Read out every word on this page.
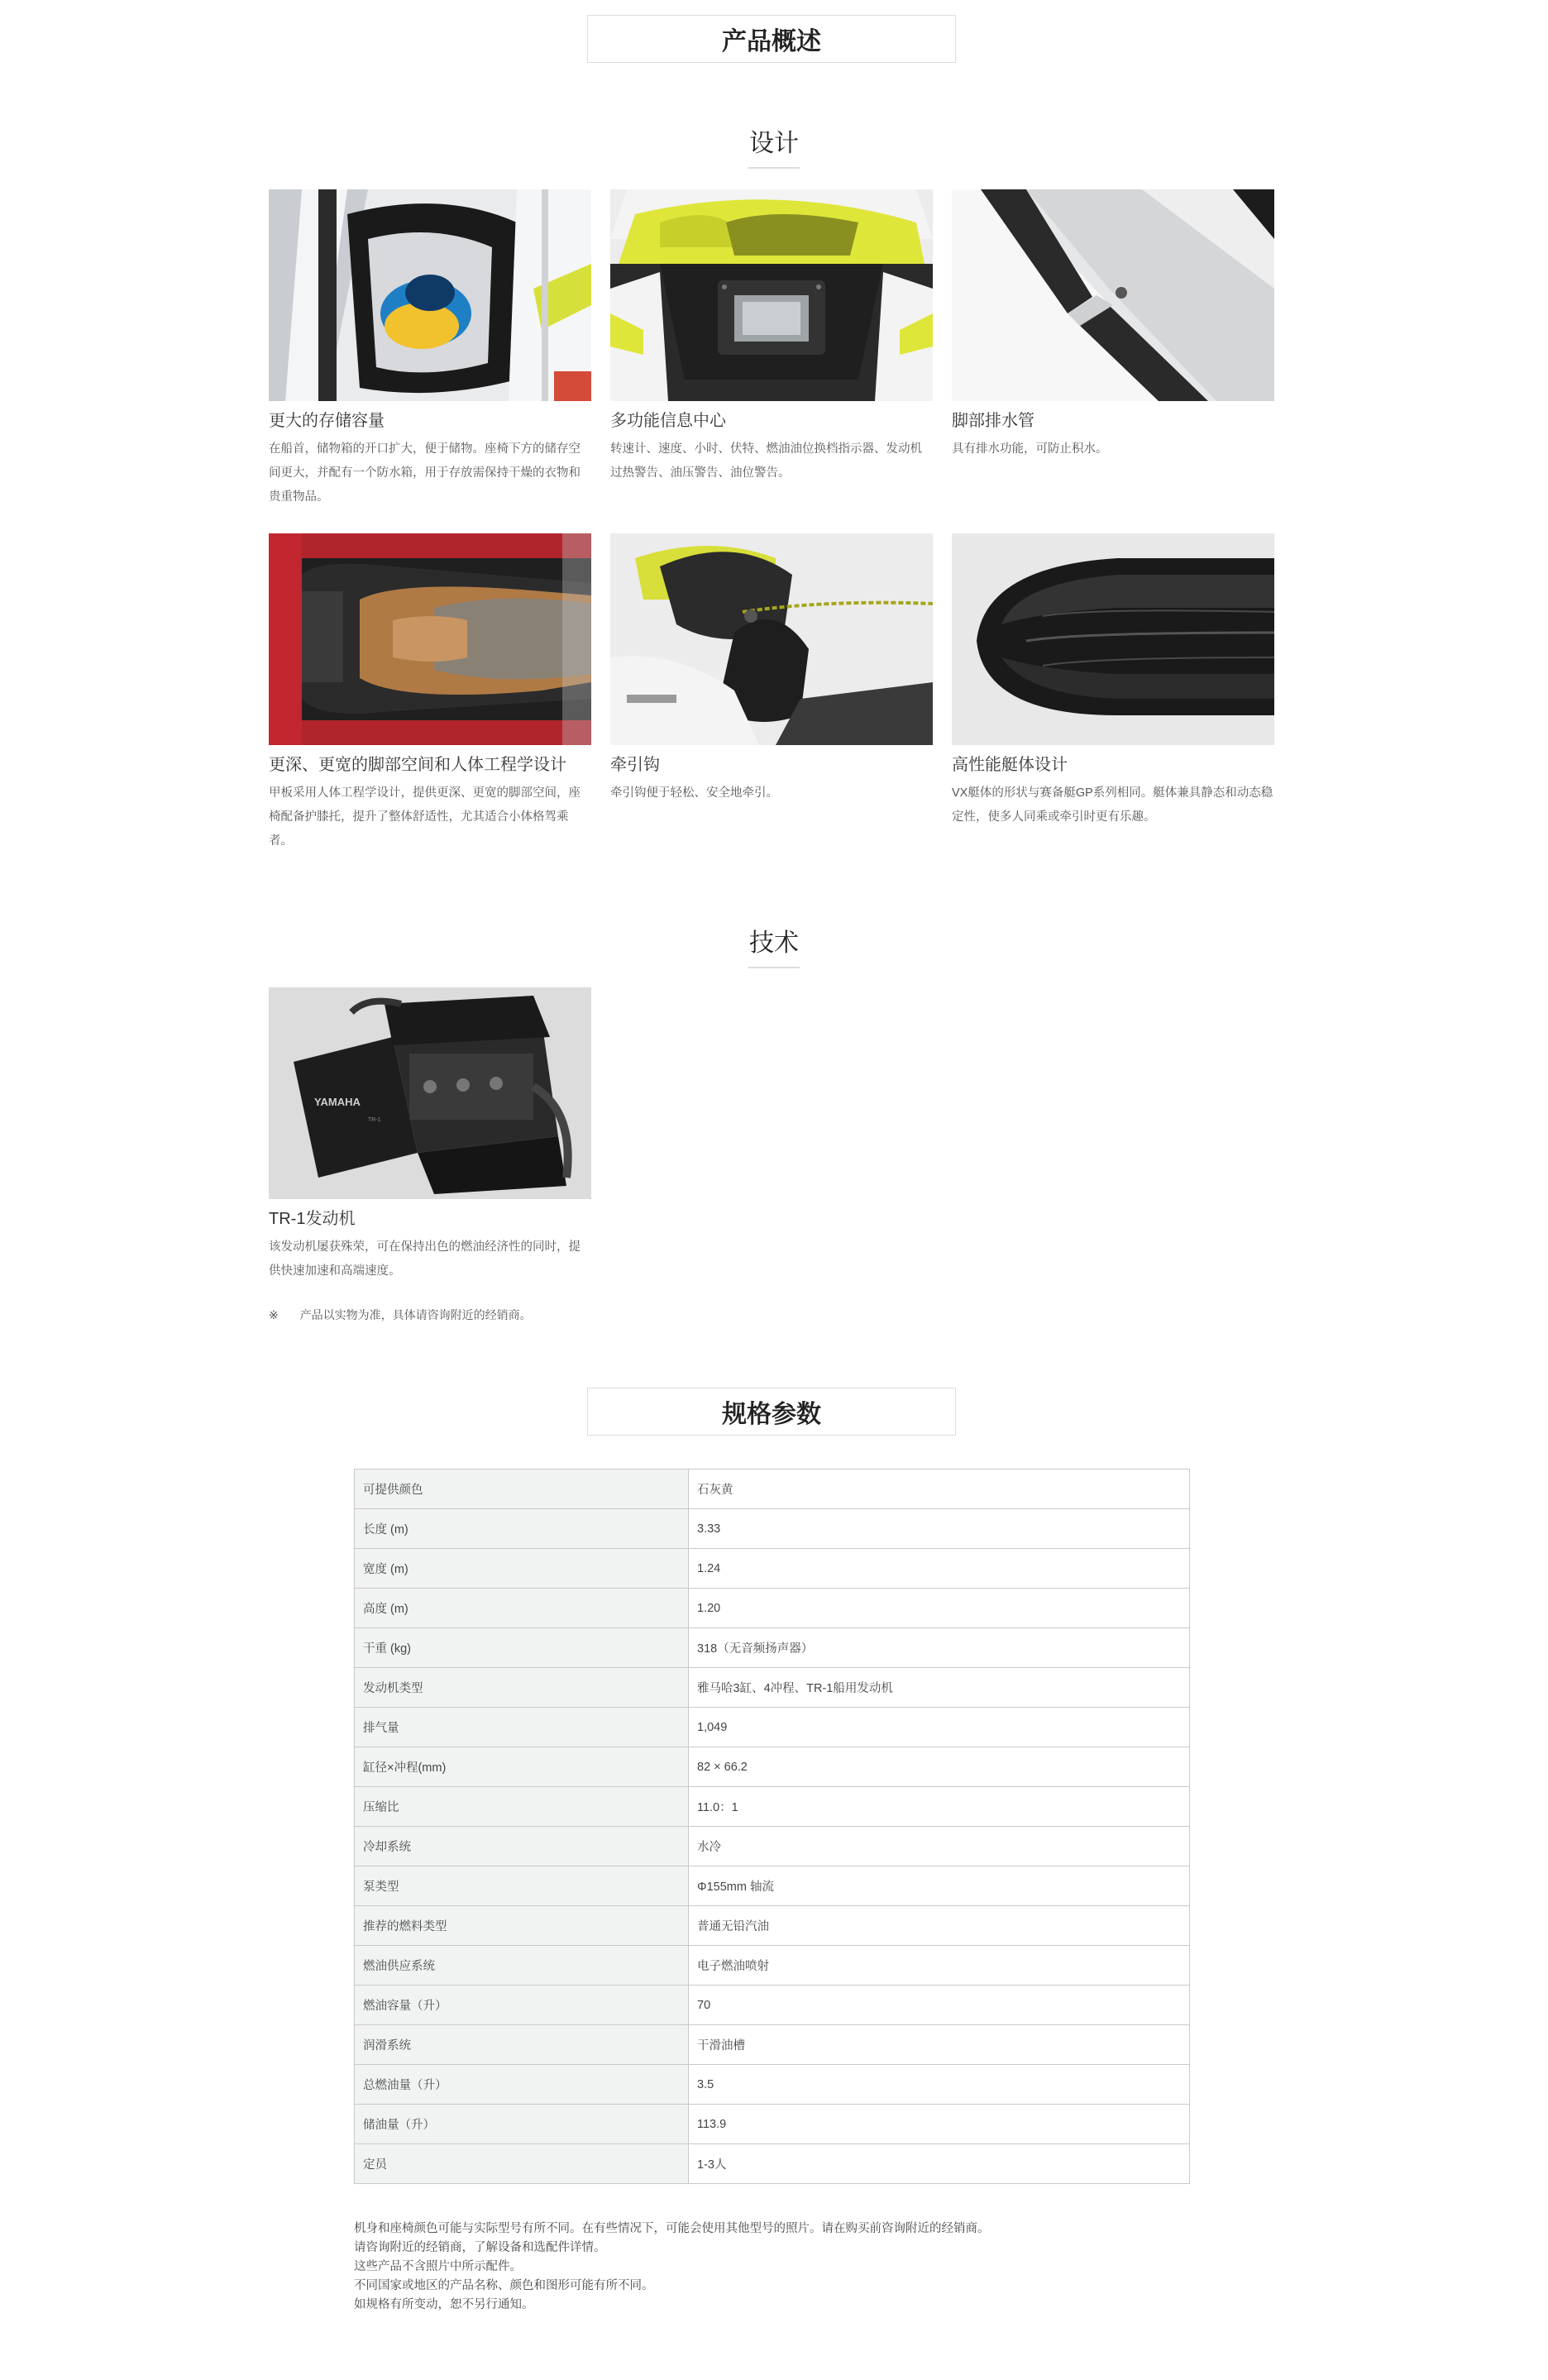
产品概述
设计
更大的存储容量
在船首，储物箱的开口扩大，便于储物。座椅下方的储存空间更大，并配有一个防水箱，用于存放需保持干燥的衣物和贵重物品。
多功能信息中心
转速计、速度、小时、伏特、燃油油位换档指示器、发动机过热警告、油压警告、油位警告。
脚部排水管
具有排水功能，可防止积水。
更深、更宽的脚部空间和人体工程学设计
甲板采用人体工程学设计，提供更深、更宽的脚部空间，座椅配备护膝托，提升了整体舒适性，尤其适合小体格驾乘者。
牵引钩
牵引钩便于轻松、安全地牵引。
高性能艇体设计
VX艇体的形状与赛备艇GP系列相同。艇体兼具静态和动态稳定性，使多人同乘或牵引时更有乐趣。
技术
YAMAHA
TR-1
TR-1发动机
该发动机屡获殊荣，可在保持出色的燃油经济性的同时，提供快速加速和高端速度。
※ 产品以实物为准，具体请咨询附近的经销商。
规格参数
可提供颜色	石灰黄
长度 (m)	3.33
宽度 (m)	1.24
高度 (m)	1.20
干重 (kg)	318（无音频扬声器）
发动机类型	雅马哈3缸、4冲程、TR-1船用发动机
排气量	1,049
缸径×冲程(mm)	82 × 66.2
压缩比	11.0：1
冷却系统	水冷
泵类型	Φ155mm 轴流
推荐的燃料类型	普通无铅汽油
燃油供应系统	电子燃油喷射
燃油容量（升）	70
润滑系统	干滑油槽
总燃油量（升）	3.5
储油量（升）	113.9
定员	1-3人
机身和座椅颜色可能与实际型号有所不同。在有些情况下，可能会使用其他型号的照片。请在购买前咨询附近的经销商。
请咨询附近的经销商，了解设备和选配件详情。
这些产品不含照片中所示配件。
不同国家或地区的产品名称、颜色和图形可能有所不同。
如规格有所变动，恕不另行通知。
